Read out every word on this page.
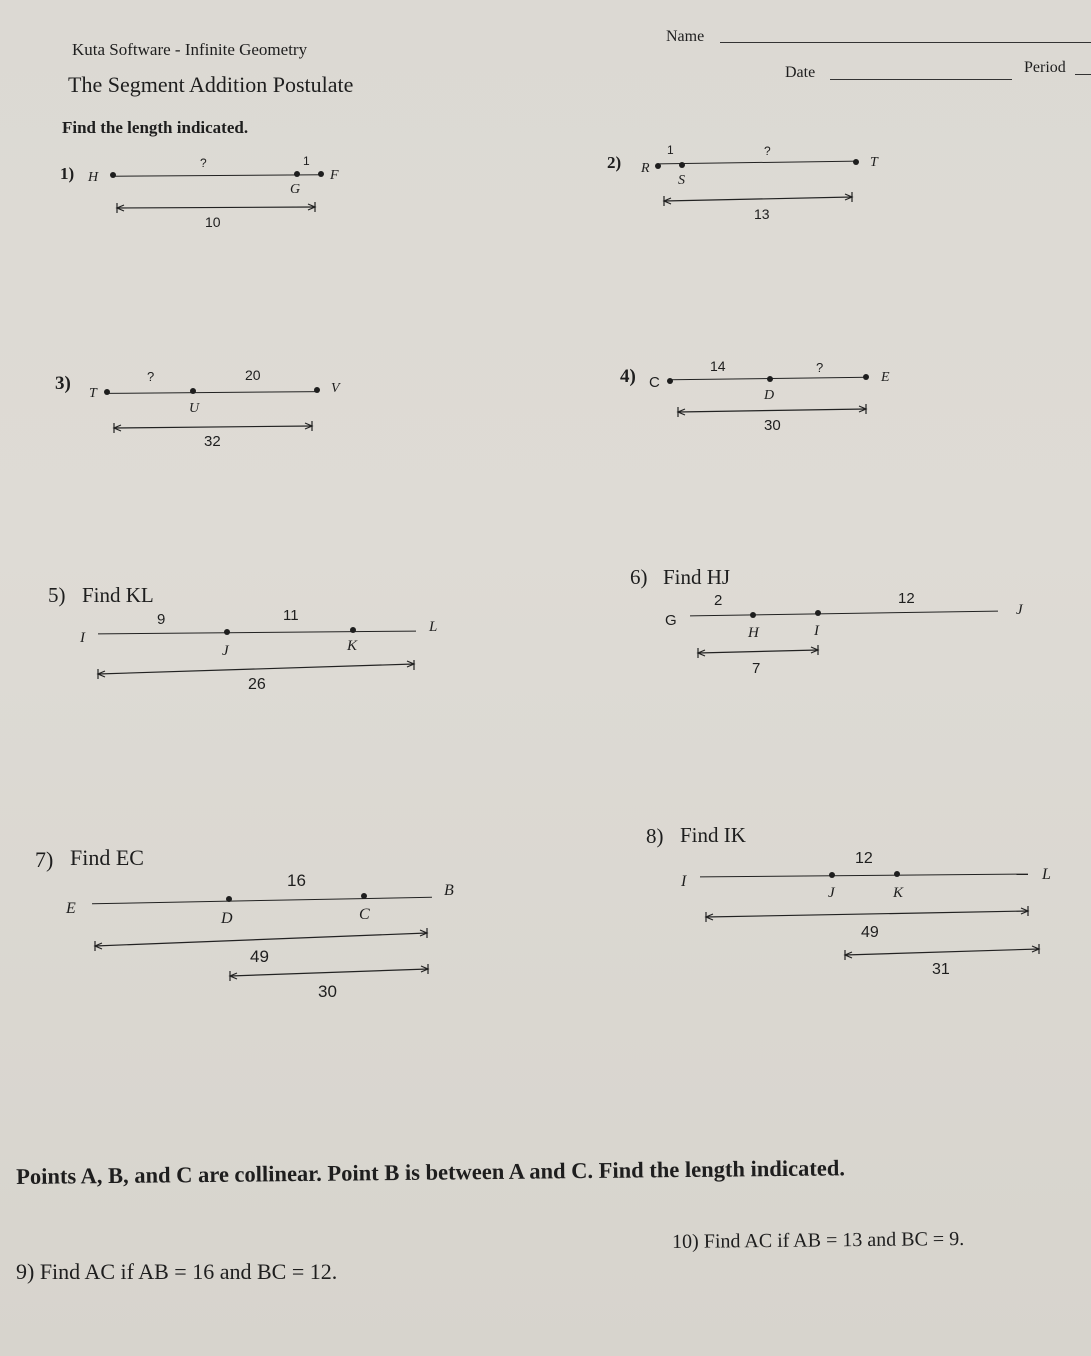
Kuta Software - Infinite Geometry
The Segment Addition Postulate
Name
Date	Period
Find the length indicated.
1) H
?	1
G
F
10
2) R
1	?
S
T
13
3) T
?	20
U
V
32
4) C
14	?
D
E
30
5) Find KL
I
9	11
J	K
L
26
6) Find HJ
G
2	12
H	I
J
7
7) Find EC
E
16
D	C
B
49
30
8) Find IK
I
12
J	K
L
49
31
Points A, B, and C are collinear. Point B is between A and C. Find the length indicated.
9) Find AC if AB = 16 and BC = 12.
10) Find AC if AB = 13 and BC = 9.
